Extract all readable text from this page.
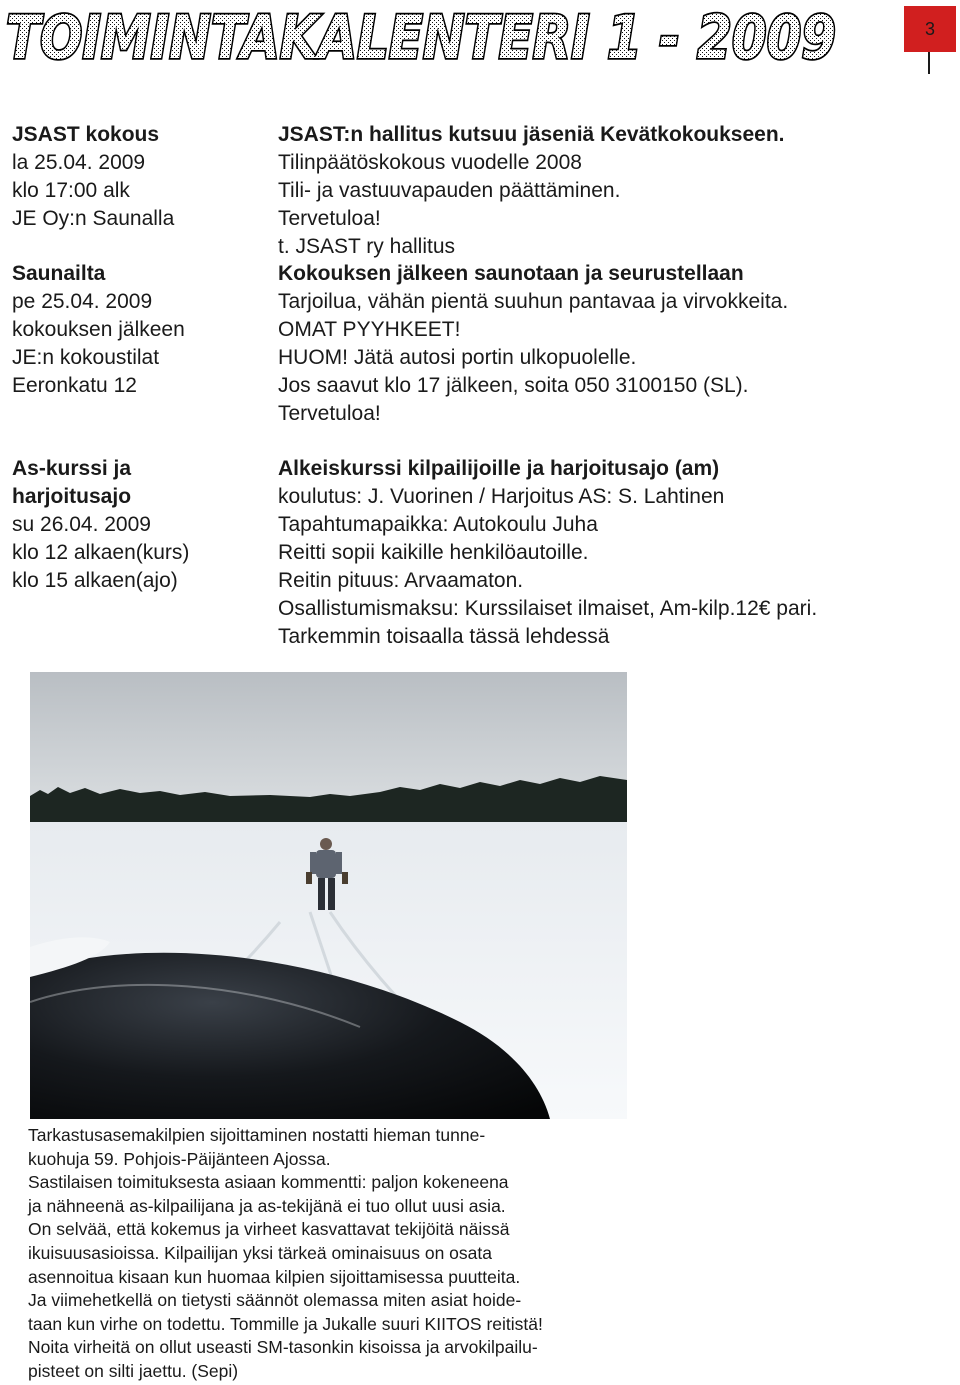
TOIMINTAKALENTERI 1 - 2009	3
JSAST kokous
la 25.04. 2009
klo 17:00 alk
JE Oy:n Saunalla
JSAST:n hallitus kutsuu jäseniä Kevätkokoukseen.
Tilinpäätöskokous vuodelle 2008
Tili- ja vastuuvapauden päättäminen.
Tervetuloa!
t. JSAST ry hallitus
Saunailta
pe 25.04. 2009
kokouksen jälkeen
JE:n kokoustilat
Eeronkatu 12
Kokouksen jälkeen saunotaan ja seurustellaan
Tarjoilua, vähän pientä suuhun pantavaa ja virvokkeita.
OMAT PYYHKEET!
HUOM! Jätä autosi portin ulkopuolelle.
Jos saavut klo 17 jälkeen, soita 050 3100150 (SL).
Tervetuloa!
As-kurssi ja
harjoitusajo
su 26.04. 2009
klo 12 alkaen(kurs)
klo 15 alkaen(ajo)
Alkeiskurssi kilpailijoille ja harjoitusajo (am)
koulutus: J. Vuorinen / Harjoitus AS: S. Lahtinen
Tapahtumapaikka: Autokoulu Juha
Reitti sopii kaikille henkilöautoille.
Reitin pituus: Arvaamaton.
Osallistumismaksu: Kurssilaiset ilmaiset, Am-kilp.12€ pari.
Tarkemmin toisaalla tässä lehdessä
Tarkastusasemakilpien sijoittaminen nostatti hieman tunne-
kuohuja 59. Pohjois-Päijänteen Ajossa.
Sastilaisen toimituksesta asiaan kommentti: paljon kokeneena
ja nähneenä as-kilpailijana ja as-tekijänä ei tuo ollut uusi asia.
On selvää, että kokemus ja virheet kasvattavat tekijöitä näissä
ikuisuusasioissa. Kilpailijan yksi tärkeä ominaisuus on osata
asennoitua kisaan kun huomaa kilpien sijoittamisessa puutteita.
Ja viimehetkellä on tietysti säännöt olemassa miten asiat hoide-
taan kun virhe on todettu. Tommille ja Jukalle suuri KIITOS reitistä!
Noita virheitä on ollut useasti SM-tasonkin kisoissa ja arvokilpailu-
pisteet on silti jaettu. (Sepi)
